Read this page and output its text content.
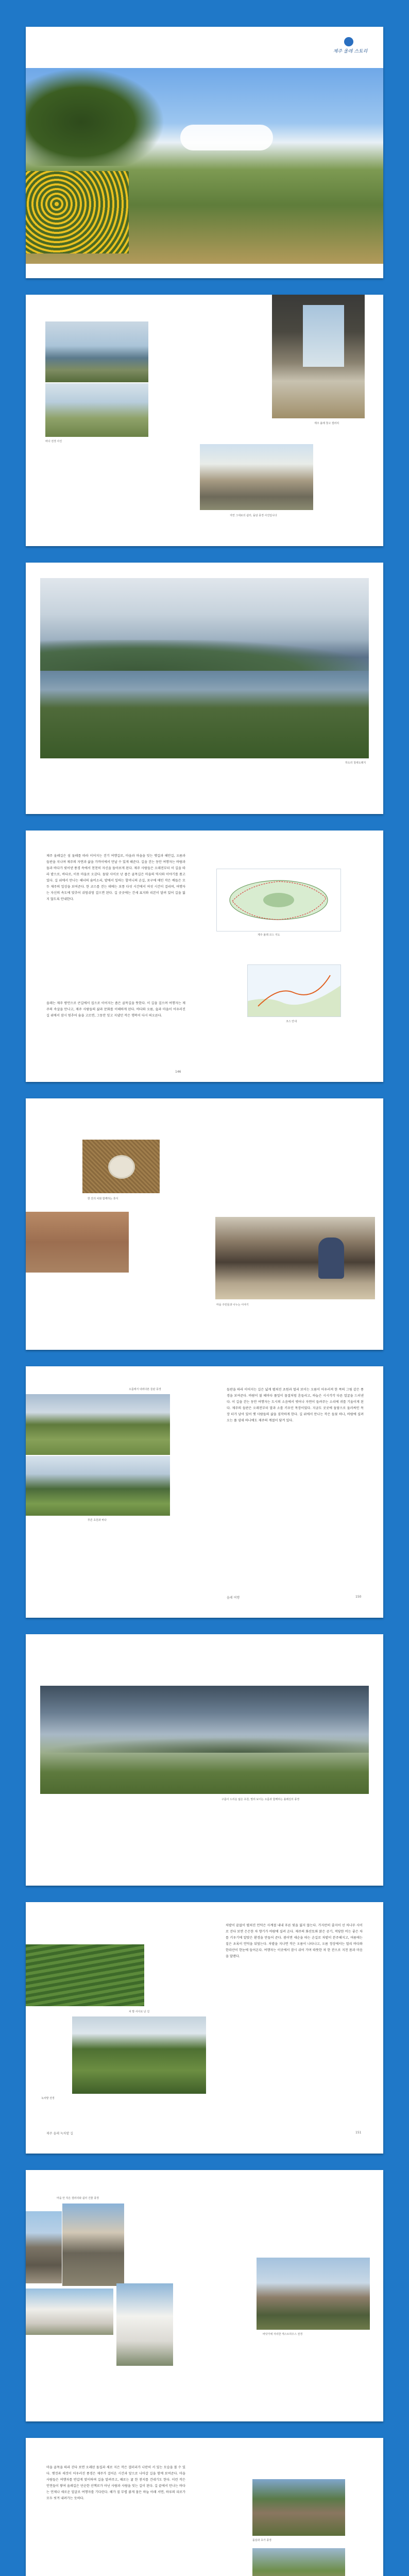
제주 올레 스토리
바다 전경 사진
제주 올레 창고 갤러리
자연 그대로의 쉼터, 돌담 풍경 사진입니다
하도리 철새도래지
제주 올레길은 섬 둘레를 따라 이어지는 걷기 여행길로, 마을과 마을을 잇는 옛길과 해안길, 오름과 들판을 지나며 제주의 자연과 삶을 가까이에서 만날 수 있게 해준다. 길을 걷는 동안 여행자는 바람과 돌과 바다가 빚어낸 풍경 속에서 천천히 자신을 돌아보게 된다. 제주 사람들은 오래전부터 이 길을 따라 밭으로, 바다로, 이웃 마을로 오갔다. 돌담 사이로 난 좁은 골목길은 마을의 역사와 이야기를 품고 있다. 길 위에서 만나는 해녀의 숨비소리, 밭에서 일하는 할머니의 손길, 포구에 매인 작은 배들은 모두 제주의 일상을 보여준다. 한 코스를 걷는 데에는 보통 다섯 시간에서 여섯 시간이 걸리며, 여행자는 자신의 속도에 맞추어 쉬엄쉬엄 걸으면 된다. 길 곳곳에는 간세 표지와 리본이 달려 있어 길을 잃지 않도록 안내한다.
올레는 제주 방언으로 큰길에서 집으로 이어지는 좁은 골목길을 뜻한다. 이 길을 걸으며 여행자는 제주의 속살을 만나고, 제주 사람들의 삶과 문화를 이해하게 된다. 바다와 오름, 숲과 마을이 어우러진 길 위에서 잠시 멈추어 숨을 고르면, 그동안 잊고 지냈던 작은 행복이 다시 떠오른다.
제주 올레 코스 지도
코스 안내
146
한 잔의 차와 함께하는 휴식
마을 주민들과 나누는 이야기
오름에서 내려다본 들판 풍경
푸른 초원과 바다
들판을 따라 이어지는 길은 넓게 펼쳐진 초원과 멀리 보이는 오름이 어우러져 한 폭의 그림 같은 풍경을 보여준다. 바람이 불 때마다 풀잎이 물결처럼 흔들리고, 하늘은 시시각각 다른 얼굴을 드러낸다. 이 길을 걷는 동안 여행자는 도시의 소음에서 벗어나 자연이 들려주는 소리에 귀를 기울이게 된다. 제주의 들판은 오래전부터 말과 소를 키우던 목장이었다. 지금도 곳곳에 돌담으로 둘러싸인 목장 터가 남아 있어 옛 사람들의 삶을 짐작하게 한다. 길 위에서 만나는 작은 들꽃 하나, 바람에 실려 오는 풀 냄새 하나에도 제주의 계절이 담겨 있다.
올레 여행	150
구름이 드리운 넓은 초원, 멀리 보이는 오름과 함께하는 올레길의 풍경
녹차밭 전경
차 밭 사이로 난 길
차밭이 끝없이 펼쳐진 언덕은 사계절 내내 푸른 빛을 잃지 않는다. 가지런히 줄지어 선 차나무 사이로 걷다 보면 은은한 차 향기가 바람에 실려 온다. 제주의 화산토와 맑은 공기, 적당한 비는 좋은 차를 키우기에 알맞은 환경을 만들어 준다. 봄이면 새순을 따는 손길로 차밭이 분주해지고, 여름에는 짙은 초록이 언덕을 뒤덮는다. 차밭을 지나면 작은 오름이 나타나고, 오름 정상에서는 멀리 바다와 한라산이 한눈에 들어온다. 여행자는 이곳에서 잠시 쉬어 가며 따뜻한 차 한 잔으로 지친 몸과 마음을 달랜다.
제주 올레 녹차밭 길	151
마을 안 작은 갤러리와 쉼터 건물 풍경
바닷가에 자리한 게스트하우스 전경
마을 골목을 따라 걷다 보면 오래된 돌집과 새로 지은 작은 갤러리가 나란히 서 있는 모습을 볼 수 있다. 옛것과 새것이 어우러진 풍경은 제주가 걸어온 시간과 앞으로 나아갈 길을 함께 보여준다. 마을 사람들은 여행자를 반갑게 맞이하며 길을 알려주고, 때로는 귤 한 봉지를 건네기도 한다. 이런 작은 인연들이 쌓여 올레길은 단순한 산책로가 아닌 사람과 사람을 잇는 길이 된다. 길 끝에서 만나는 바다는 언제나 새로운 얼굴로 여행자를 기다린다. 해가 질 무렵 붉게 물든 하늘 아래 서면, 하루의 피로가 모두 씻겨 내려가는 듯하다.
돌담과 초가 풍경
